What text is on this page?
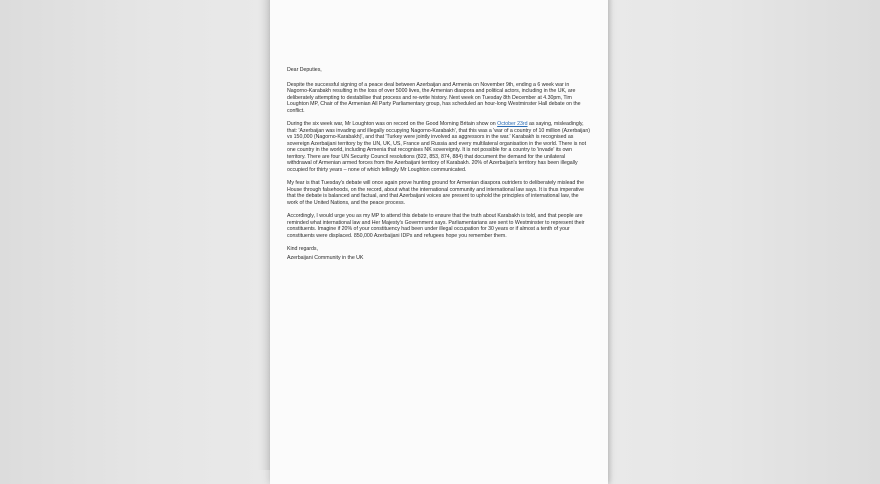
Dear Deputies,

Despite the successful signing of a peace deal between Azerbaijan and Armenia on November 9th, ending a 6 week war in Nagorno-Karabakh resulting in the loss of over 5000 lives, the Armenian diaspora and political actors, including in the UK, are deliberately attempting to destabilise that process and re-write history. Next week on Tuesday 8th December at 4.30pm, Tim Loughton MP, Chair of the Armenian All Party Parliamentary group, has scheduled an hour-long Westminster Hall debate on the conflict.

During the six week war, Mr Loughton was on record on the Good Morning Britain show on October 23rd as saying, misleadingly, that: 'Azerbaijan was invading and illegally occupying Nagorno-Karabakh', that this was a 'war of a country of 10 million (Azerbaijan) vs 150,000 (Nagorno-Karabakh)', and that 'Turkey were jointly involved as aggressors in the war.' Karabakh is recognised as sovereign Azerbaijani territory by the UN, UK, US, France and Russia and every multilateral organisation in the world. There is not one country in the world, including Armenia that recognises NK sovereignty. It is not possible for a country to 'invade' its own territory. There are four UN Security Council resolutions (822, 853, 874, 884) that document the demand for the unilateral withdrawal of Armenian armed forces from the Azerbaijani territory of Karabakh. 20% of Azerbaijan's territory has been illegally occupied for thirty years – none of which tellingly Mr Loughton communicated.

My fear is that Tuesday's debate will once again prove hunting ground for Armenian diaspora outriders to deliberately mislead the House through falsehoods, on the record, about what the international community and international law says. It is thus imperative that the debate is balanced and factual, and that Azerbaijani voices are present to uphold the principles of international law, the work of the United Nations, and the peace process.

Accordingly, I would urge you as my MP to attend this debate to ensure that the truth about Karabakh is told, and that people are reminded what international law and Her Majesty's Government says. Parliamentarians are sent to Westminster to represent their constituents. Imagine if 20% of your constituency had been under illegal occupation for 30 years or if almost a tenth of your constituents were displaced. 850,000 Azerbaijani IDPs and refugees hope you remember them.

Kind regards,

Azerbaijani Community in the UK
